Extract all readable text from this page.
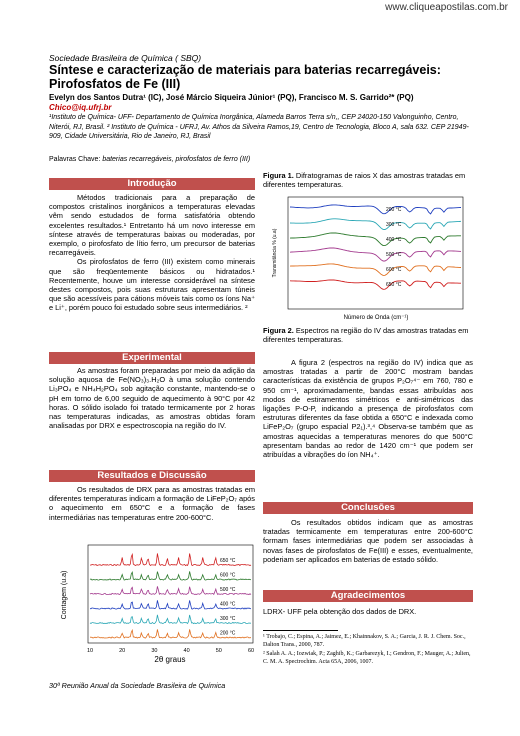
www.cliqueapostilas.com.br
Sociedade Brasileira de Química ( SBQ)
Síntese e caracterização de materiais para baterias recarregáveis: Pirofosfatos de Fe (III)
Evelyn dos Santos Dutra¹ (IC), José Márcio Siqueira Júnior¹ (PQ), Francisco M. S. Garrido²* (PQ)
Chico@iq.ufrj.br
¹Instituto de Química- UFF- Departamento de Química Inorgânica, Alameda Barros Terra s/n,, CEP 24020-150 Valonguinho, Centro, Niterói, RJ, Brasil. ² Instituto de Química - UFRJ, Av. Athos da Silveira Ramos,19, Centro de Tecnologia, Bloco A, sala 632. CEP 21949-909, Cidade Universitária, Rio de Janeiro, RJ, Brasil
Palavras Chave: baterias recarregáveis, pirofosfatos de ferro (III)
Introdução

Métodos tradicionais para a preparação de compostos cristalinos inorgânicos a temperaturas elevadas vêm sendo estudados de forma satisfatória obtendo excelentes resultados.¹ Entretanto há um novo interesse em síntese através de temperaturas baixas ou moderadas, por exemplo, o pirofosfato de lítio ferro, um precursor de baterias recarregáveis.

Os pirofosfatos de ferro (III) existem como minerais que são freqüentemente básicos ou hidratados.¹ Recentemente, houve um interesse considerável na síntese destes compostos, pois suas estruturas apresentam túneis que são acessíveis para cátions móveis tais como os íons Na⁺ e Li⁺, porém pouco foi estudado sobre seus intermediários. ²

Experimental

As amostras foram preparadas por meio da adição da solução aquosa de Fe(NO₃)₃.H₂O à uma solução contendo Li₃PO₄ e NH₄H₂PO₄ sob agitação constante, mantendo-se o pH em torno de 6,00 seguido de aquecimento à 90°C por 42 horas. O sólido isolado foi tratado termicamente por 2 horas nas temperaturas indicadas, as amostras obtidas foram analisadas por DRX e espectroscopia na região do IV.

Resultados e Discussão

Os resultados de DRX para as amostras tratadas em diferentes temperaturas indicam a formação de LiFeP₂O₇ após o aquecimento em 650°C e a formação de fases intermediárias nas temperaturas entre 200-600°C.

650 °C
600 °C
500 °C
400 °C
300 °C
200 °C
10	20	30	40	50	60
Contagem (u.a)
2θ graus
Figura 1. Difratogramas de raios X das amostras tratadas em diferentes temperaturas.
200 °C
300 °C
400 °C
500 °C
600 °C
650 °C
Transmitância % (u.a)
Número de Onda (cm⁻¹)
Figura 2. Espectros na região do IV das amostras tratadas em diferentes temperaturas.

A figura 2 (espectros na região do IV) indica que as amostras tratadas a partir de 200°C mostram bandas características da existência de grupos P₂O₇⁴⁻ em 760, 780 e 950 cm⁻¹, aproximadamente, bandas essas atribuídas aos modos de estiramentos simétricos e anti-simétricos das ligações P-O-P, indicando a presença de pirofosfatos com estruturas diferentes da fase obtida a 650°C e indexada como LiFeP₂O₇ (grupo espacial P2₁).³,⁴ Observa-se também que as amostras aquecidas a temperaturas menores do que 500°C apresentam bandas ao redor de 1420 cm⁻¹ que podem ser atribuídas a vibrações do íon NH₄⁺.

Conclusões

Os resultados obtidos indicam que as amostras tratadas termicamente em temperaturas entre 200-600°C formam fases intermediárias que podem ser associadas à novas fases de pirofosfatos de Fe(III) e esses, eventualmente, poderiam ser aplicados em baterias de estado sólido.

Agradecimentos
LDRX- UFF pela obtenção dos dados de DRX.
¹ Trobajo, C.; Espina, A.; Jaimez, E.; Khainnakov, S. A.; Garcia, J. R. J. Chem. Soc., Dalton Trans., 2000, 787.
² Salah A. A.; Iozwiak, P.; Zaghib, K.; Garbarezyk, I.; Gendron, F.; Mauger, A.; Julien, C. M. A. Spectrochim. Acta 65A, 2006, 1007.
30ª Reunião Anual da Sociedade Brasileira de Química
